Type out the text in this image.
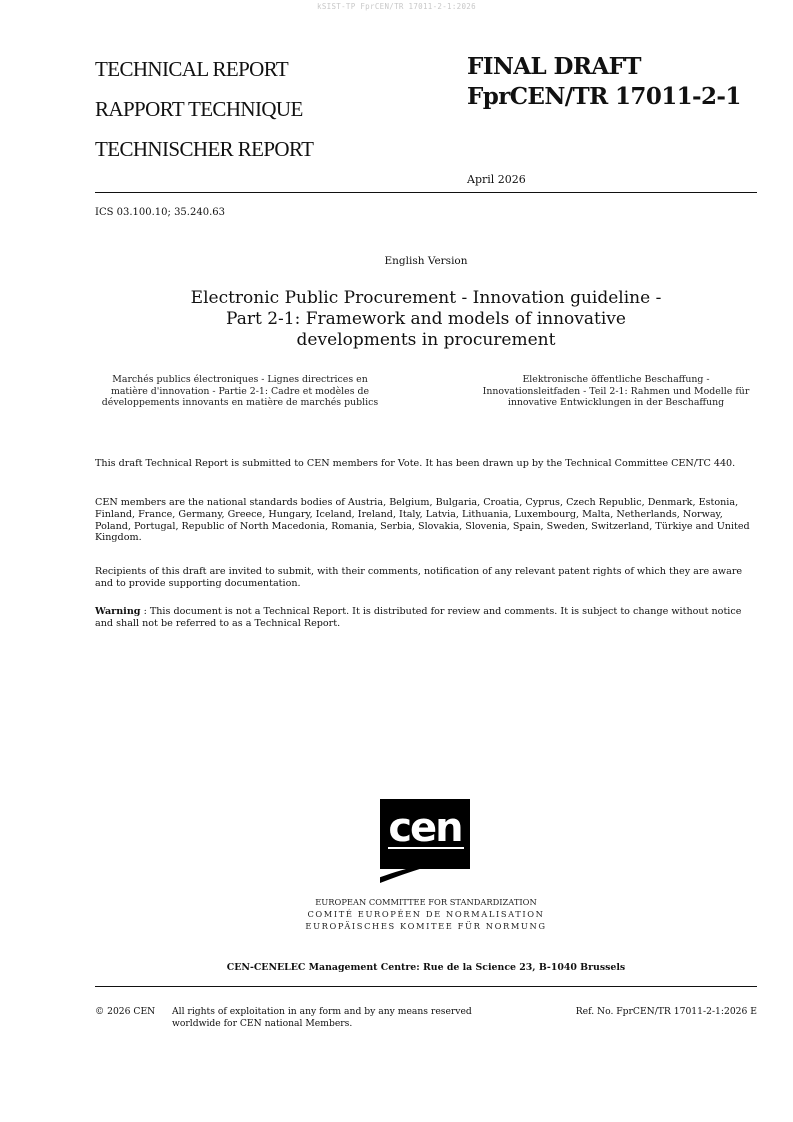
kSIST-TP FprCEN/TR 17011-2-1:2026
TECHNICAL REPORT
RAPPORT TECHNIQUE
TECHNISCHER REPORT
FINAL DRAFT
FprCEN/TR 17011-2-1
April 2026
ICS 03.100.10; 35.240.63
English Version
Electronic Public Procurement - Innovation guideline -
Part 2-1: Framework and models of innovative
developments in procurement
Marchés publics électroniques - Lignes directrices en matière d'innovation - Partie 2-1: Cadre et modèles de développements innovants en matière de marchés publics
Elektronische öffentliche Beschaffung - Innovationsleitfaden - Teil 2-1: Rahmen und Modelle für innovative Entwicklungen in der Beschaffung
This draft Technical Report is submitted to CEN members for Vote. It has been drawn up by the Technical Committee CEN/TC 440.
CEN members are the national standards bodies of Austria, Belgium, Bulgaria, Croatia, Cyprus, Czech Republic, Denmark, Estonia, Finland, France, Germany, Greece, Hungary, Iceland, Ireland, Italy, Latvia, Lithuania, Luxembourg, Malta, Netherlands, Norway, Poland, Portugal, Republic of North Macedonia, Romania, Serbia, Slovakia, Slovenia, Spain, Sweden, Switzerland, Türkiye and United Kingdom.
Recipients of this draft are invited to submit, with their comments, notification of any relevant patent rights of which they are aware and to provide supporting documentation.
Warning : This document is not a Technical Report. It is distributed for review and comments. It is subject to change without notice and shall not be referred to as a Technical Report.
cen
EUROPEAN COMMITTEE FOR STANDARDIZATION
COMITÉ EUROPÉEN DE NORMALISATION
EUROPÄISCHES KOMITEE FÜR NORMUNG
CEN-CENELEC Management Centre: Rue de la Science 23, B-1040 Brussels
© 2026 CEN All rights of exploitation in any form and by any means reserved
worldwide for CEN national Members.
Ref. No. FprCEN/TR 17011-2-1:2026 E
